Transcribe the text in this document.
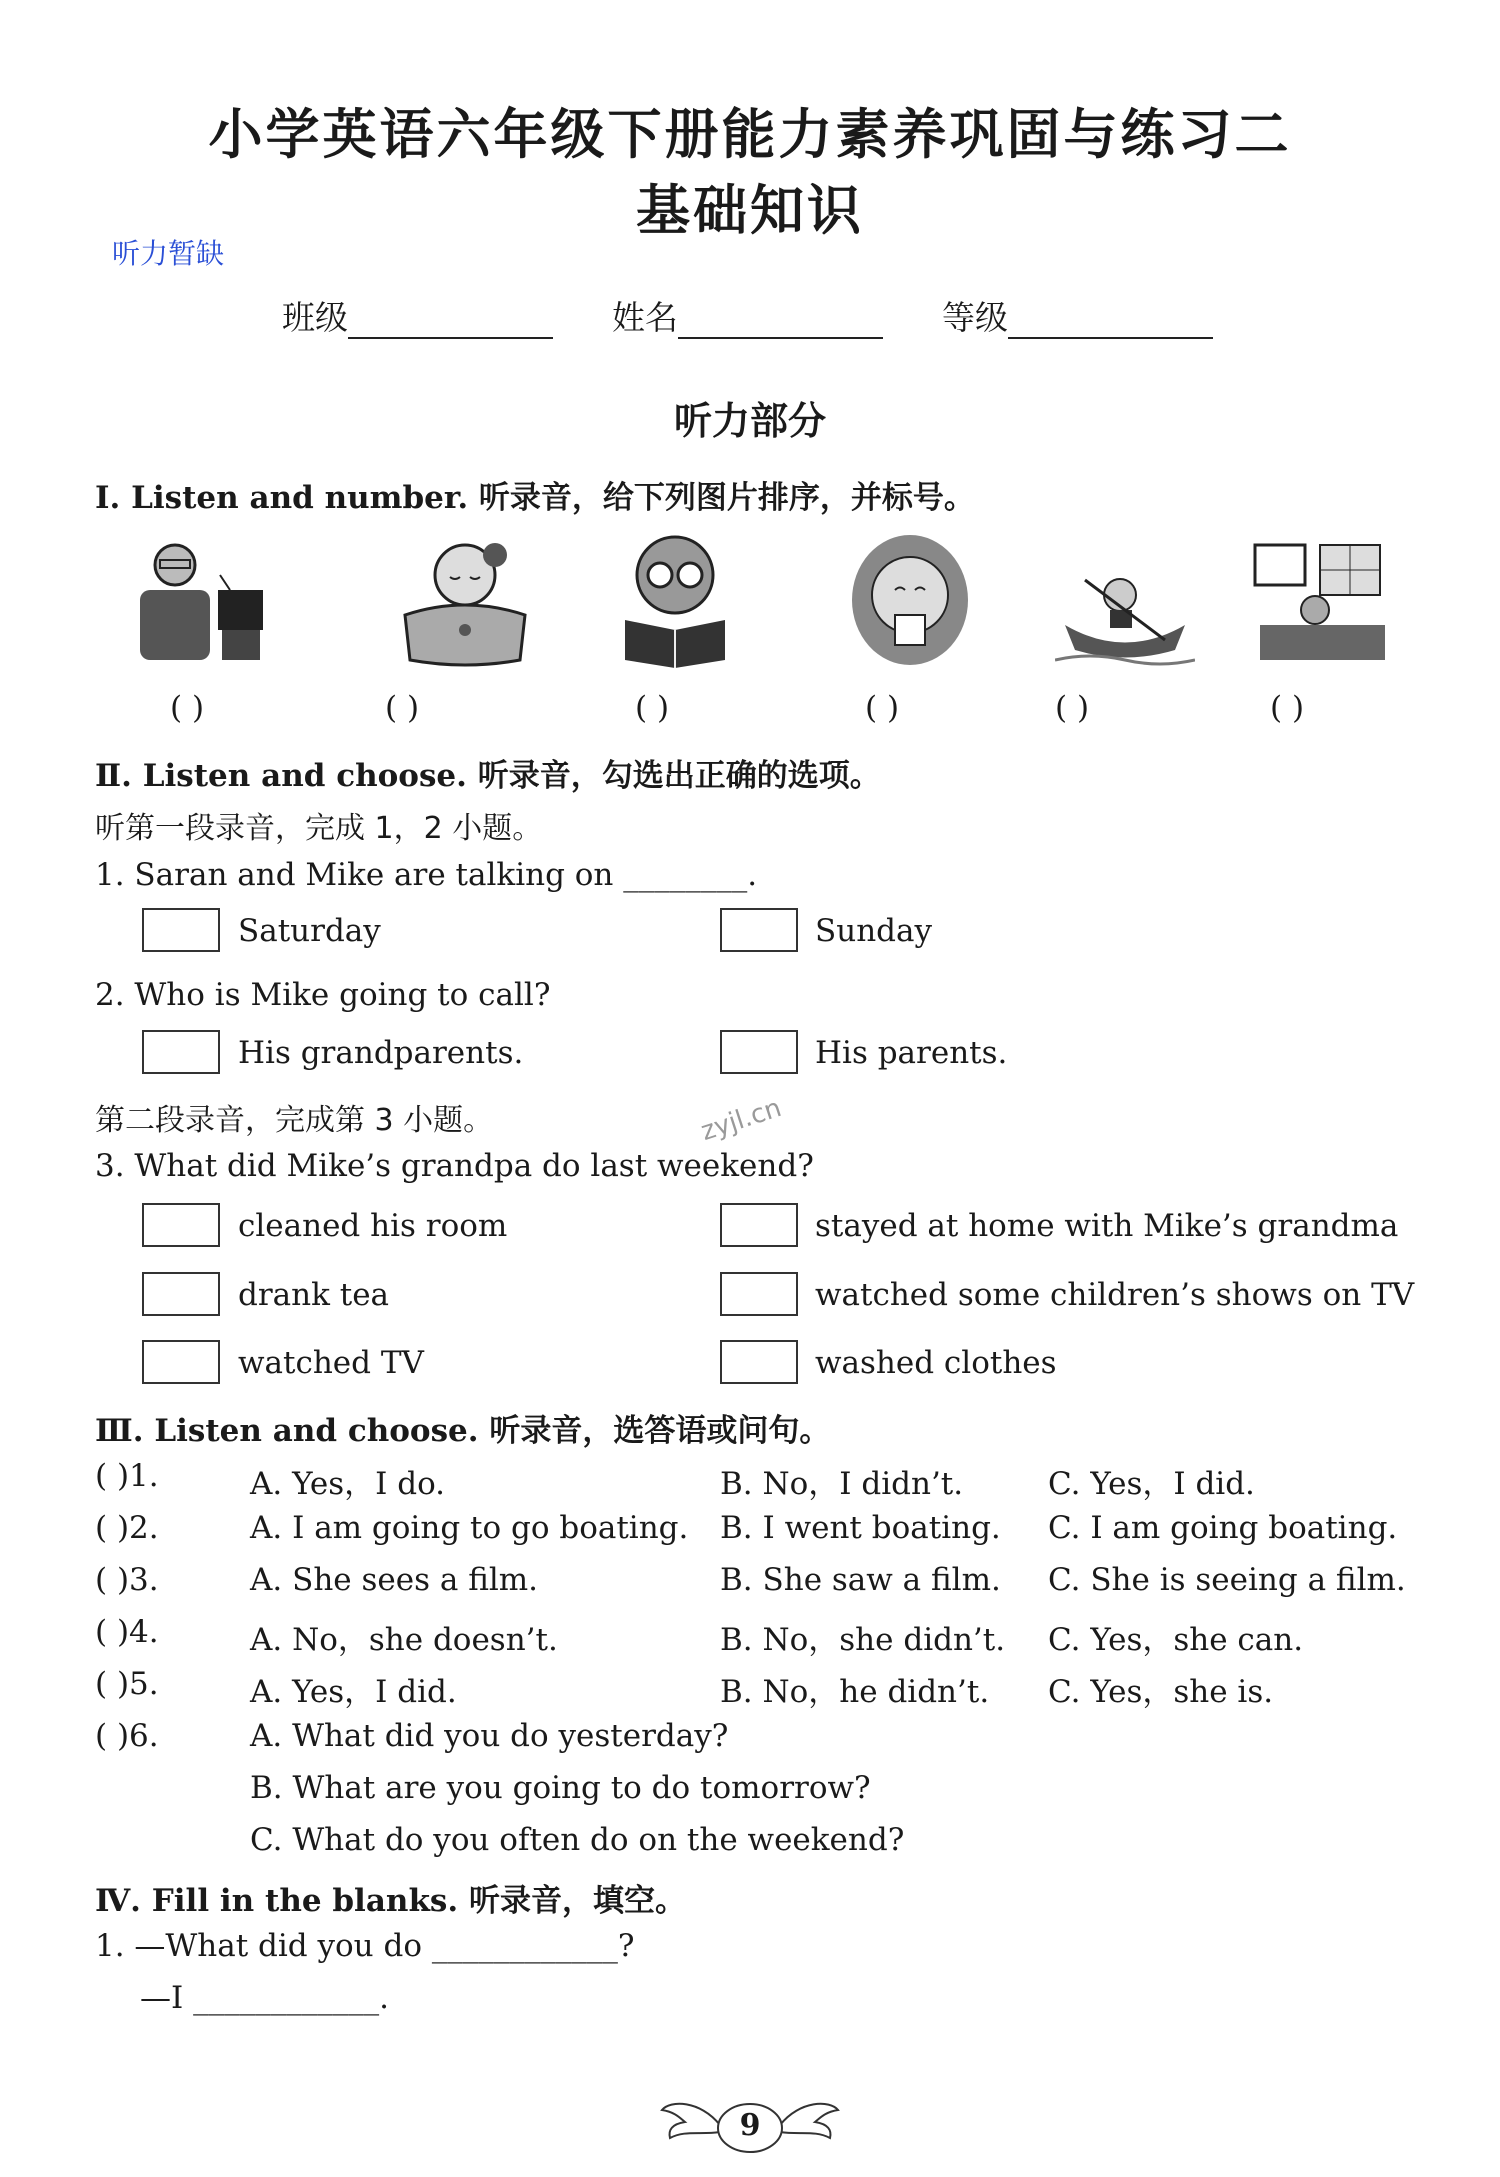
小学英语六年级下册能力素养巩固与练习二
基础知识
听力暂缺
班级	姓名	等级
听力部分
Ⅰ. Listen and number. 听录音，给下列图片排序，并标号。
( )	( )	( )	( )	( )	( )
Ⅱ. Listen and choose. 听录音，勾选出正确的选项。
听第一段录音，完成 1，2 小题。
1. Saran and Mike are talking on ________.
Saturday	Sunday
2. Who is Mike going to call?
His grandparents.	His parents.
第二段录音，完成第 3 小题。	zyjl.cn
3. What did Mike’s grandpa do last weekend?
cleaned his room	stayed at home with Mike’s grandma
drank tea	watched some children’s shows on TV
watched TV	washed clothes
Ⅲ. Listen and choose. 听录音，选答语或问句。
( )1.	A. Yes，I do.	B. No，I didn’t.	C. Yes，I did.
( )2.	A. I am going to go boating. B. I went boating. C. I am going boating.
( )3.	A. She sees a film.	B. She saw a film. C. She is seeing a film.
( )4.	A. No，she doesn’t.	B. No，she didn’t. C. Yes，she can.
( )5.	A. Yes，I did.	B. No，he didn’t. C. Yes，she is.
( )6.	A. What did you do yesterday?
B. What are you going to do tomorrow?
C. What do you often do on the weekend?
Ⅳ. Fill in the blanks. 听录音，填空。
1. —What did you do ____________?
—I ____________.
9
